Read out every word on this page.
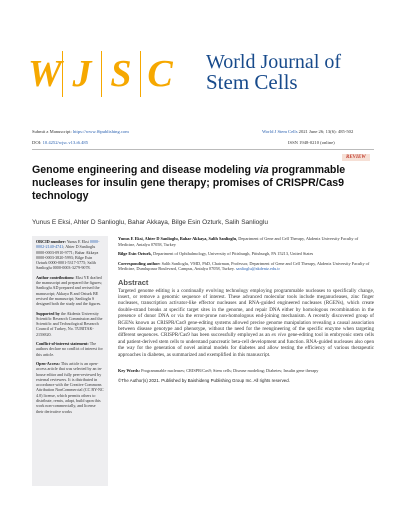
W J S C World Journal of
Stem Cells
Submit a Manuscript: https://www.f6publishing.com	World J Stem Cells 2021 June 26; 13(6): 485-502
DOI: 10.4252/wjsc.v13.i6.485	ISSN 1948-0210 (online)
REVIEW
Genome engineering and disease modeling via programmable nucleases for insulin gene therapy; promises of CRISPR/Cas9 technology
Yunus E Eksi, Ahter D Sanlioglu, Bahar Akkaya, Bilge Esin Ozturk, Salih Sanlioglu

ORCID number: Yunus E Eksi 0000-0002-2140-4741; Ahter D Sanlioglu 0000-0003-0910-9771; Bahar Akkaya 0000-0003-3820-5993; Bilge Esin Ozturk 0000-0001-5317-5775; Salih Sanlioglu 0000-0003-3279-9078.

Author contributions: Eksi YE drafted the manuscript and prepared the figures; Sanlioglu AD prepared and revised the manuscript; Akkaya B and Ozturk BE revised the manuscript; Sanlioglu S designed both the study and the figures.

Supported by the Akdeniz University Scientific Research Commission and the Scientific and Technological Research Council of Turkey, No. TUBITAK-215S820.

Conflict-of-interest statement: The authors declare no conflict of interest for this article.

Open-Access: This article is an open-access article that was selected by an in-house editor and fully peer-reviewed by external reviewers. It is distributed in accordance with the Creative Commons Attribution NonCommercial (CC BY-NC 4.0) license, which permits others to distribute, remix, adapt, build upon this work non-commercially, and license their derivative works

Yunus E Eksi, Ahter D Sanlioglu, Bahar Akkaya, Salih Sanlioglu, Department of Gene and Cell Therapy, Akdeniz University Faculty of Medicine, Antalya 07058, Turkey

Bilge Esin Ozturk, Department of Ophthalmology, University of Pittsburgh, Pittsburgh, PA 15213, United States

Corresponding author: Salih Sanlioglu, VMD, PhD, Chairman, Professor, Department of Gene and Cell Therapy, Akdeniz University Faculty of Medicine, Dumlupınar Boulevard, Campus, Antalya 07058, Turkey. sanlioglu@akdeniz.edu.tr

Abstract

Targeted genome editing is a continually evolving technology employing programmable nucleases to specifically change, insert, or remove a genomic sequence of interest. These advanced molecular tools include meganucleases, zinc finger nucleases, transcription activator-like effector nucleases and RNA-guided engineered nucleases (RGENs), which create double-strand breaks at specific target sites in the genome, and repair DNA either by homologous recombination in the presence of donor DNA or via the error-prone non-homologous end-joining mechanism. A recently discovered group of RGENs known as CRISPR/Cas9 gene-editing systems allowed precise genome manipulation revealing a causal association between disease genotype and phenotype, without the need for the reengineering of the specific enzyme when targeting different sequences. CRISPR/Cas9 has been successfully employed as an ex vivo gene-editing tool in embryonic stem cells and patient-derived stem cells to understand pancreatic beta-cell development and function. RNA-guided nucleases also open the way for the generation of novel animal models for diabetes and allow testing the efficiency of various therapeutic approaches in diabetes, as summarized and exemplified in this manuscript.

Key Words: Programmable nucleases; CRISPR/Cas9; Stem cells; Disease modeling; Diabetes; Insulin gene therapy

©The Author(s) 2021. Published by Baishideng Publishing Group Inc. All rights reserved.
